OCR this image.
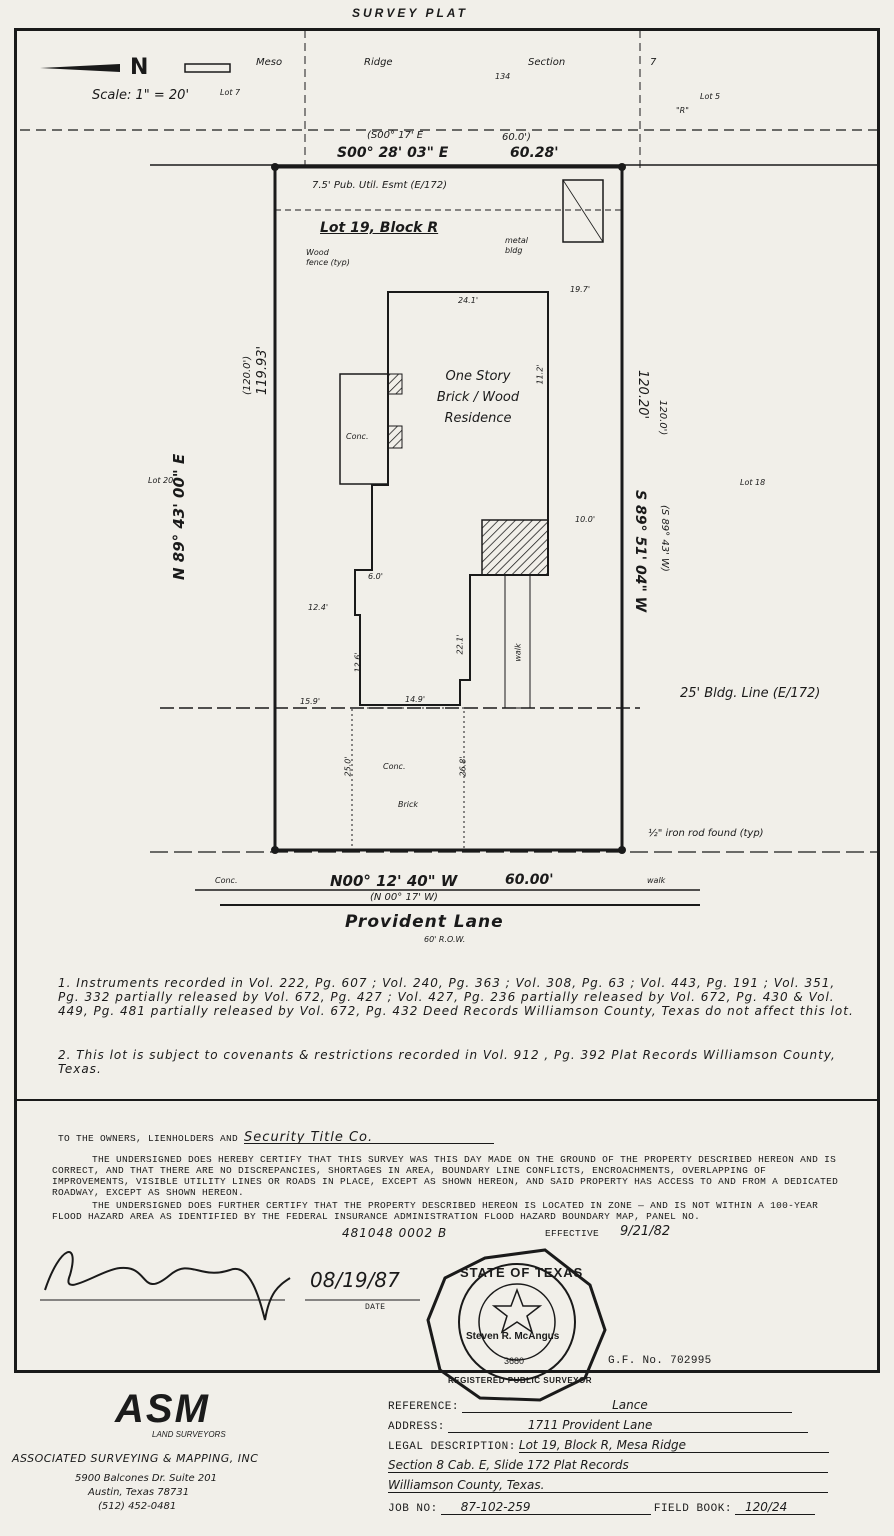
SURVEY PLAT
N
Scale: 1" = 20'
Meso	Ridge	Section	7
Lot 7
134
Lot 5
"R"
Lot 20	Lot 18
(S00° 17' E	60.0')
S00° 28' 03" E	60.28'
N 89° 43' 00" E
(120.0') 119.93'
S 89° 51' 04" W (S 89° 43' W)
120.20' 120.0')
N00° 12' 40" W	60.00'
(N 00° 17' W)
7.5' Pub. Util. Esmt (E/172)
Lot 19, Block R
Wood fence (typ)
metal bldg
One Story
Brick / Wood
Residence
Conc.
25' Bldg. Line (E/172)
½" iron rod found (typ)
walk
walk
Conc.
Brick
Conc.
Provident Lane
60' R.O.W.
24.1'
19.7'
10.0'
6.0'
12.4'
14.9'
15.9'
22.1'
26.8'
25.0'
12.6'
11.2'
1. Instruments recorded in Vol. 222, Pg. 607 ; Vol. 240, Pg. 363 ; Vol. 308, Pg. 63 ; Vol. 443, Pg. 191 ; Vol. 351, Pg. 332 partially released by Vol. 672, Pg. 427 ; Vol. 427, Pg. 236 partially released by Vol. 672, Pg. 430 & Vol. 449, Pg. 481 partially released by Vol. 672, Pg. 432 Deed Records Williamson County, Texas do not affect this lot.
2. This lot is subject to covenants & restrictions recorded in Vol. 912 , Pg. 392 Plat Records Williamson County, Texas.
TO THE OWNERS, LIENHOLDERS AND Security Title Co.
THE UNDERSIGNED DOES HEREBY CERTIFY THAT THIS SURVEY WAS THIS DAY MADE ON THE GROUND OF THE PROPERTY DESCRIBED HEREON AND IS CORRECT, AND THAT THERE ARE NO DISCREPANCIES, SHORTAGES IN AREA, BOUNDARY LINE CONFLICTS, ENCROACHMENTS, OVERLAPPING OF IMPROVEMENTS, VISIBLE UTILITY LINES OR ROADS IN PLACE, EXCEPT AS SHOWN HEREON, AND SAID PROPERTY HAS ACCESS TO AND FROM A DEDICATED ROADWAY, EXCEPT AS SHOWN HEREON.
THE UNDERSIGNED DOES FURTHER CERTIFY THAT THE PROPERTY DESCRIBED HEREON IS LOCATED IN ZONE — AND IS NOT WITHIN A 100-YEAR FLOOD HAZARD AREA AS IDENTIFIED BY THE FEDERAL INSURANCE ADMINISTRATION FLOOD HAZARD BOUNDARY MAP, PANEL NO.
481048 0002 B	EFFECTIVE 9/21/82
08/19/87
DATE
G.F. No. 702995
STATE OF TEXAS
Steven R. McAngus
3680
REGISTERED PUBLIC SURVEYOR
ASM
LAND SURVEYORS
ASSOCIATED SURVEYING & MAPPING, INC
5900 Balcones Dr. Suite 201
Austin, Texas 78731
(512) 452-0481
REFERENCE:	Lance
ADDRESS:	1711 Provident Lane
LEGAL DESCRIPTION: Lot 19, Block R, Mesa Ridge
Section 8 Cab. E, Slide 172 Plat Records
Williamson County, Texas.
JOB NO: 87-102-259	FIELD BOOK: 120/24
